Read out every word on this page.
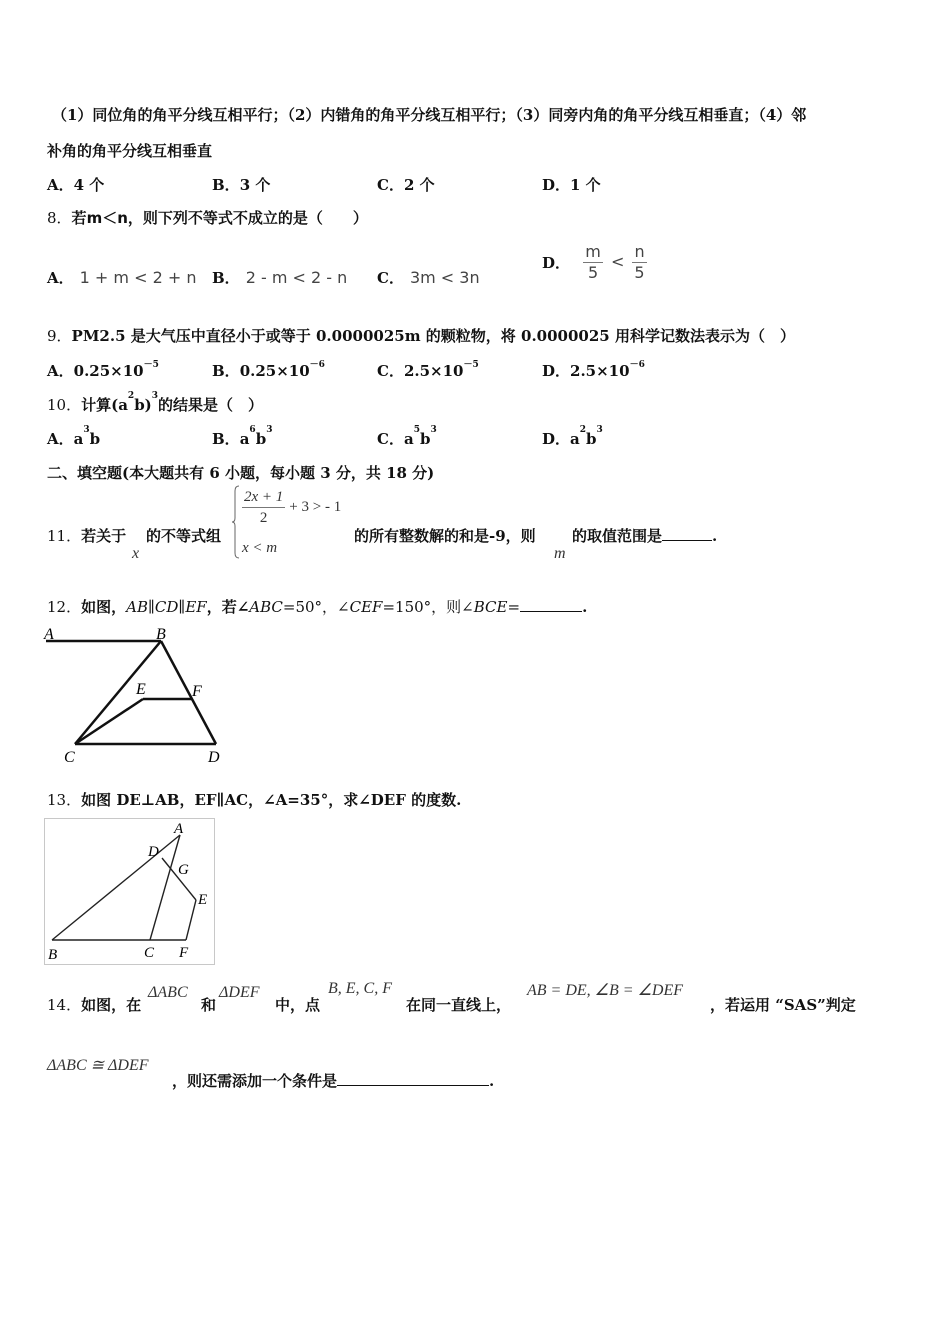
（1）同位角的角平分线互相平行；（2）内错角的角平分线互相平行；（3）同旁内角的角平分线互相垂直；（4）邻
补角的角平分线互相垂直
A．4 个	B．3 个	C．2 个	D．1 个
8．若m＜n，则下列不等式不成立的是（　　）
A． 1 + m < 2 + n B． 2 - m < 2 - n C． 3m < 3n
D． $\frac{m}{5} < \frac{n}{5}$
9．PM2.5 是大气压中直径小于或等于 0.0000025m 的颗粒物，将 0.0000025 用科学记数法表示为（　）
A．$0.25\times 10^{-5}$	B．$0.25\times 10^{-6}$	C．$2.5\times 10^{-5}$	D．$2.5\times 10^{-6}$
10．计算$(a^2b)^3$的结果是（　）
A．$a^3b$	B．$a^6b^3$	C．$a^5b^3$	D．$a^2b^3$
二、填空题(本大题共有 6 小题，每小题 3 分，共 18 分)
11．若关于
x
的不等式组
$\frac{2x + 1}{2} + 3$ > - 1
x < m
的所有整数解的和是-9，则
m
的取值范围是	.
12．如图，AB∥CD∥EF，若∠ABC=50°，∠CEF=150°，则∠BCE=	.
A	B
E	F
C	D
13．如图 DE⊥AB，EF∥AC，∠A=35°，求∠DEF 的度数.
A
D
G
E
B	C F
14．如图，在
ΔABC
和
ΔDEF
中，点
B, E, C, F
在同一直线上，
AB = DE, ∠B = ∠DEF
，若运用 “SAS”判定
ΔABC ≅ ΔDEF
，则还需添加一个条件是	.
